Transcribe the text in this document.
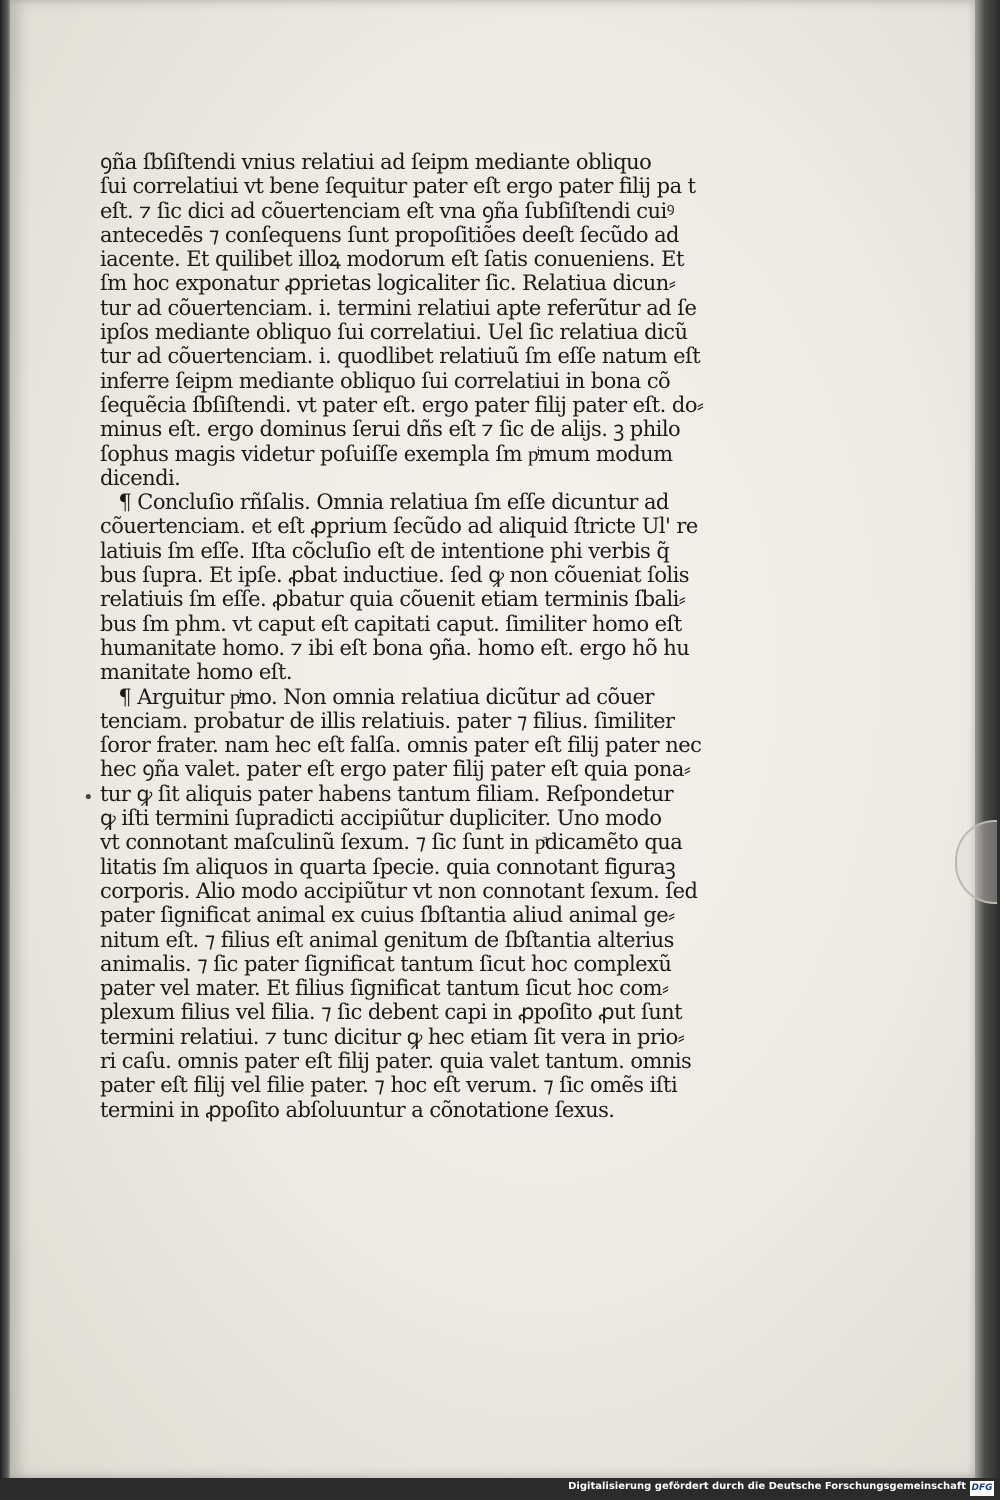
ꝯña ſbſiſtendi vnius relatiui ad ſeipm mediante obliquo
ſui correlatiui vt bene ſequitur pater eſt ergo pater filij pa t
eſt. ⁊ ſic dici ad cõuertenciam eſt vna ꝯña ſubſiſtendi cuiꝰ
antecedēs ⁊ conſequens ſunt propoſitiões deeſt ſecũdo ad
iacente. Et quilibet illoꝝ modorum eſt ſatis conueniens. Et
ſm hoc exponatur ꝓprietas logicaliter ſic. Relatiua dicun⸗
tur ad cõuertenciam. i. termini relatiui apte referũtur ad ſe
ipſos mediante obliquo ſui correlatiui. Uel ſic relatiua dicũ
tur ad cõuertenciam. i. quodlibet relatiuũ ſm eſſe natum eſt
inferre ſeipm mediante obliquo ſui correlatiui in bona cõ
ſequẽcia ſbſiſtendi. vt pater eſt. ergo pater filij pater eſt. do⸗
minus eſt. ergo dominus ſerui dñs eſt ⁊ ſic de alijs. ꝫ philo
ſophus magis videtur poſuiſſe exempla ſm pͥmum modum
dicendi.
¶ Concluſio rñſalis. Omnia relatiua ſm eſſe dicuntur ad
cõuertenciam. et eſt ꝓprium ſecũdo ad aliquid ſtricte Ul' re
latiuis ſm eſſe. Iſta cõcluſio eſt de intentione phi verbis q̃
bus ſupra. Et ipſe. ꝓbat inductiue. ſed ꝙ non cõueniat ſolis
relatiuis ſm eſſe. ꝓbatur quia cõuenit etiam terminis ſbali⸗
bus ſm phm. vt caput eſt capitati caput. ſimiliter homo eſt
humanitate homo. ⁊ ibi eſt bona ꝯña. homo eſt. ergo hõ hu
manitate homo eſt.
¶ Arguitur pͥmo. Non omnia relatiua dicũtur ad cõuer
tenciam. probatur de illis relatiuis. pater ⁊ filius. ſimiliter
ſoror frater. nam hec eſt falſa. omnis pater eſt filij pater nec
hec ꝯña valet. pater eſt ergo pater filij pater eſt quia pona⸗
tur ꝙ ſit aliquis pater habens tantum filiam. Reſpondetur
ꝙ iſti termini ſupradicti accipiũtur dupliciter. Uno modo
vt connotant maſculinũ ſexum. ⁊ ſic ſunt in pͣdicamẽto qua
litatis ſm aliquos in quarta ſpecie. quia connotant figuraꝫ
corporis. Alio modo accipiũtur vt non connotant ſexum. ſed
pater ſignificat animal ex cuius ſbſtantia aliud animal ge⸗
nitum eſt. ⁊ filius eſt animal genitum de ſbſtantia alterius
animalis. ⁊ ſic pater ſignificat tantum ſicut hoc complexũ
pater vel mater. Et filius ſignificat tantum ſicut hoc com⸗
plexum filius vel filia. ⁊ ſic debent capi in ꝓpoſito ꝓut ſunt
termini relatiui. ⁊ tunc dicitur ꝙ hec etiam ſit vera in prio⸗
ri caſu. omnis pater eſt filij pater. quia valet tantum. omnis
pater eſt filij vel filie pater. ⁊ hoc eſt verum. ⁊ ſic omẽs iſti
termini in ꝓpoſito abſoluuntur a cõnotatione ſexus.
•
Digitalisierung gefördert durch die Deutsche Forschungsgemeinschaft DFG
